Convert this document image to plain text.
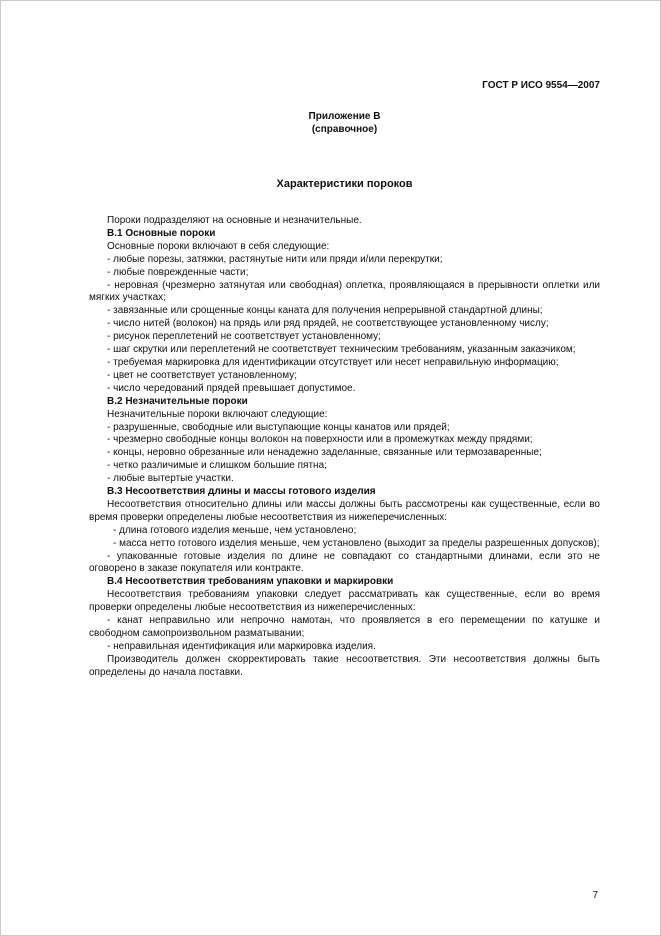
ГОСТ Р ИСО 9554—2007
Приложение В
(справочное)
Характеристики пороков

Пороки подразделяют на основные и незначительные.

В.1 Основные пороки

Основные пороки включают в себя следующие:

- любые порезы, затяжки, растянутые нити или пряди и/или перекрутки;

- любые поврежденные части;

- неровная (чрезмерно затянутая или свободная) оплетка, проявляющаяся в прерывности оплетки или мягких участках;

- завязанные или срощенные концы каната для получения непрерывной стандартной длины;

- число нитей (волокон) на прядь или ряд прядей, не соответствующее установленному числу;

- рисунок переплетений не соответствует установленному;

- шаг скрутки или переплетений не соответствует техническим требованиям, указанным заказчиком;

- требуемая маркировка для идентификации отсутствует или несет неправильную информацию;

- цвет не соответствует установленному;

- число чередований прядей превышает допустимое.

В.2 Незначительные пороки

Незначительные пороки включают следующие:

- разрушенные, свободные или выступающие концы канатов или прядей;

- чрезмерно свободные концы волокон на поверхности или в промежутках между прядями;

- концы, неровно обрезанные или ненадежно заделанные, связанные или термозаваренные;

- четко различимые и слишком большие пятна;

- любые вытертые участки.

В.3 Несоответствия длины и массы готового изделия

Несоответствия относительно длины или массы должны быть рассмотрены как существенные, если во время проверки определены любые несоответствия из нижеперечисленных:

- длина готового изделия меньше, чем установлено;

- масса нетто готового изделия меньше, чем установлено (выходит за пределы разрешенных допусков);

- упакованные готовые изделия по длине не совпадают со стандартными длинами, если это не оговорено в заказе покупателя или контракте.

В.4 Несоответствия требованиям упаковки и маркировки

Несоответствия требованиям упаковки следует рассматривать как существенные, если во время проверки определены любые несоответствия из нижеперечисленных:

- канат неправильно или непрочно намотан, что проявляется в его перемещении по катушке и свободном самопроизвольном разматывании;

- неправильная идентификация или маркировка изделия.

Производитель должен скорректировать такие несоответствия. Эти несоответствия должны быть определены до начала поставки.

7
